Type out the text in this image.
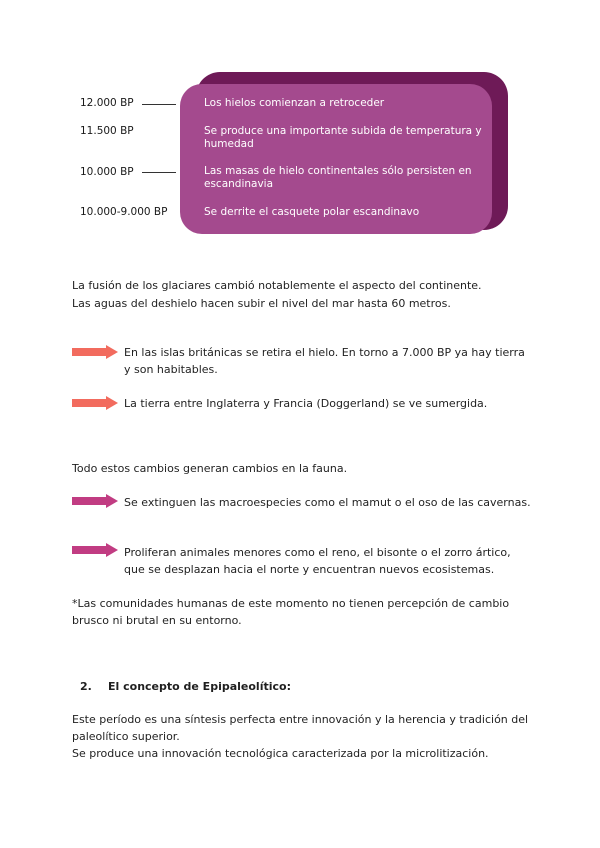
12.000 BP	Los hielos comienzan a retroceder
11.500 BP	Se produce una importante subida de temperatura y humedad
10.000 BP	Las masas de hielo continentales sólo persisten en escandinavia
10.000-9.000 BP	Se derrite el casquete polar escandinavo
La fusión de los glaciares cambió notablemente el aspecto del continente.
Las aguas del deshielo hacen subir el nivel del mar hasta 60 metros.
En las islas británicas se retira el hielo. En torno a 7.000 BP ya hay tierra y son habitables.
La tierra entre Inglaterra y Francia (Doggerland) se ve sumergida.
Todo estos cambios generan cambios en la fauna.
Se extinguen las macroespecies como el mamut o el oso de las cavernas.
Proliferan animales menores como el reno, el bisonte o el zorro ártico, que se desplazan hacia el norte y encuentran nuevos ecosistemas.
*Las comunidades humanas de este momento no tienen percepción de cambio brusco ni brutal en su entorno.
2. El concepto de Epipaleolítico:
Este período es una síntesis perfecta entre innovación y la herencia y tradición del paleolítico superior.
Se produce una innovación tecnológica caracterizada por la microlitización.
